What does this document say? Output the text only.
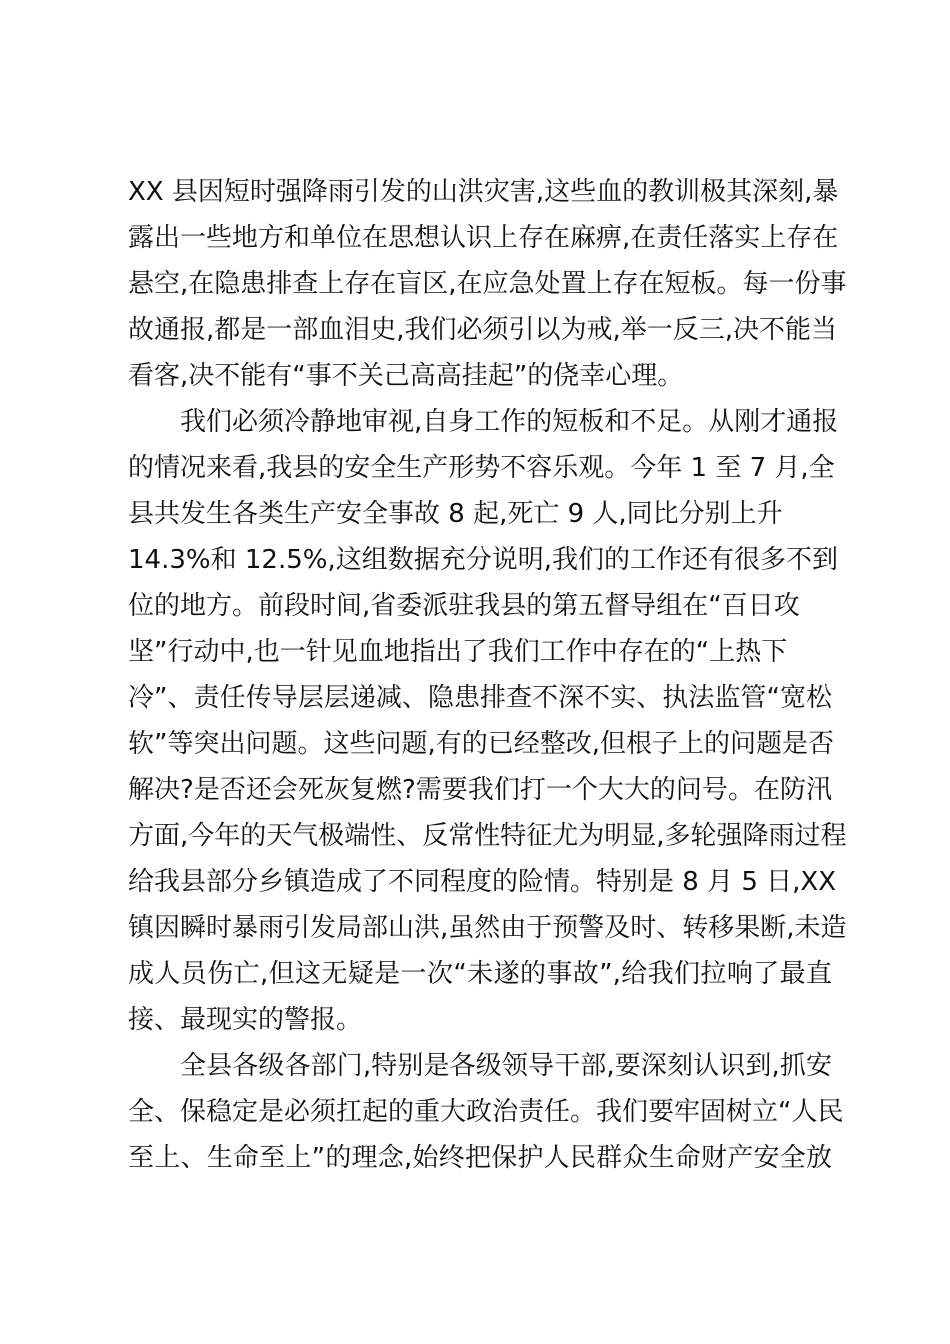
XX 县因短时强降雨引发的山洪灾害,这些血的教训极其深刻,暴
露出一些地方和单位在思想认识上存在麻痹,在责任落实上存在
悬空,在隐患排查上存在盲区,在应急处置上存在短板。每一份事
故通报,都是一部血泪史,我们必须引以为戒,举一反三,决不能当
看客,决不能有“事不关己高高挂起”的侥幸心理。
我们必须冷静地审视,自身工作的短板和不足。从刚才通报
的情况来看,我县的安全生产形势不容乐观。今年 1 至 7 月,全
县共发生各类生产安全事故 8 起,死亡 9 人,同比分别上升
14.3%和 12.5%,这组数据充分说明,我们的工作还有很多不到
位的地方。前段时间,省委派驻我县的第五督导组在“百日攻
坚”行动中,也一针见血地指出了我们工作中存在的“上热下
冷”、责任传导层层递减、隐患排查不深不实、执法监管“宽松
软”等突出问题。这些问题,有的已经整改,但根子上的问题是否
解决?是否还会死灰复燃?需要我们打一个大大的问号。在防汛
方面,今年的天气极端性、反常性特征尤为明显,多轮强降雨过程
给我县部分乡镇造成了不同程度的险情。特别是 8 月 5 日,XX
镇因瞬时暴雨引发局部山洪,虽然由于预警及时、转移果断,未造
成人员伤亡,但这无疑是一次“未遂的事故”,给我们拉响了最直
接、最现实的警报。
全县各级各部门,特别是各级领导干部,要深刻认识到,抓安
全、保稳定是必须扛起的重大政治责任。我们要牢固树立“人民
至上、生命至上”的理念,始终把保护人民群众生命财产安全放
